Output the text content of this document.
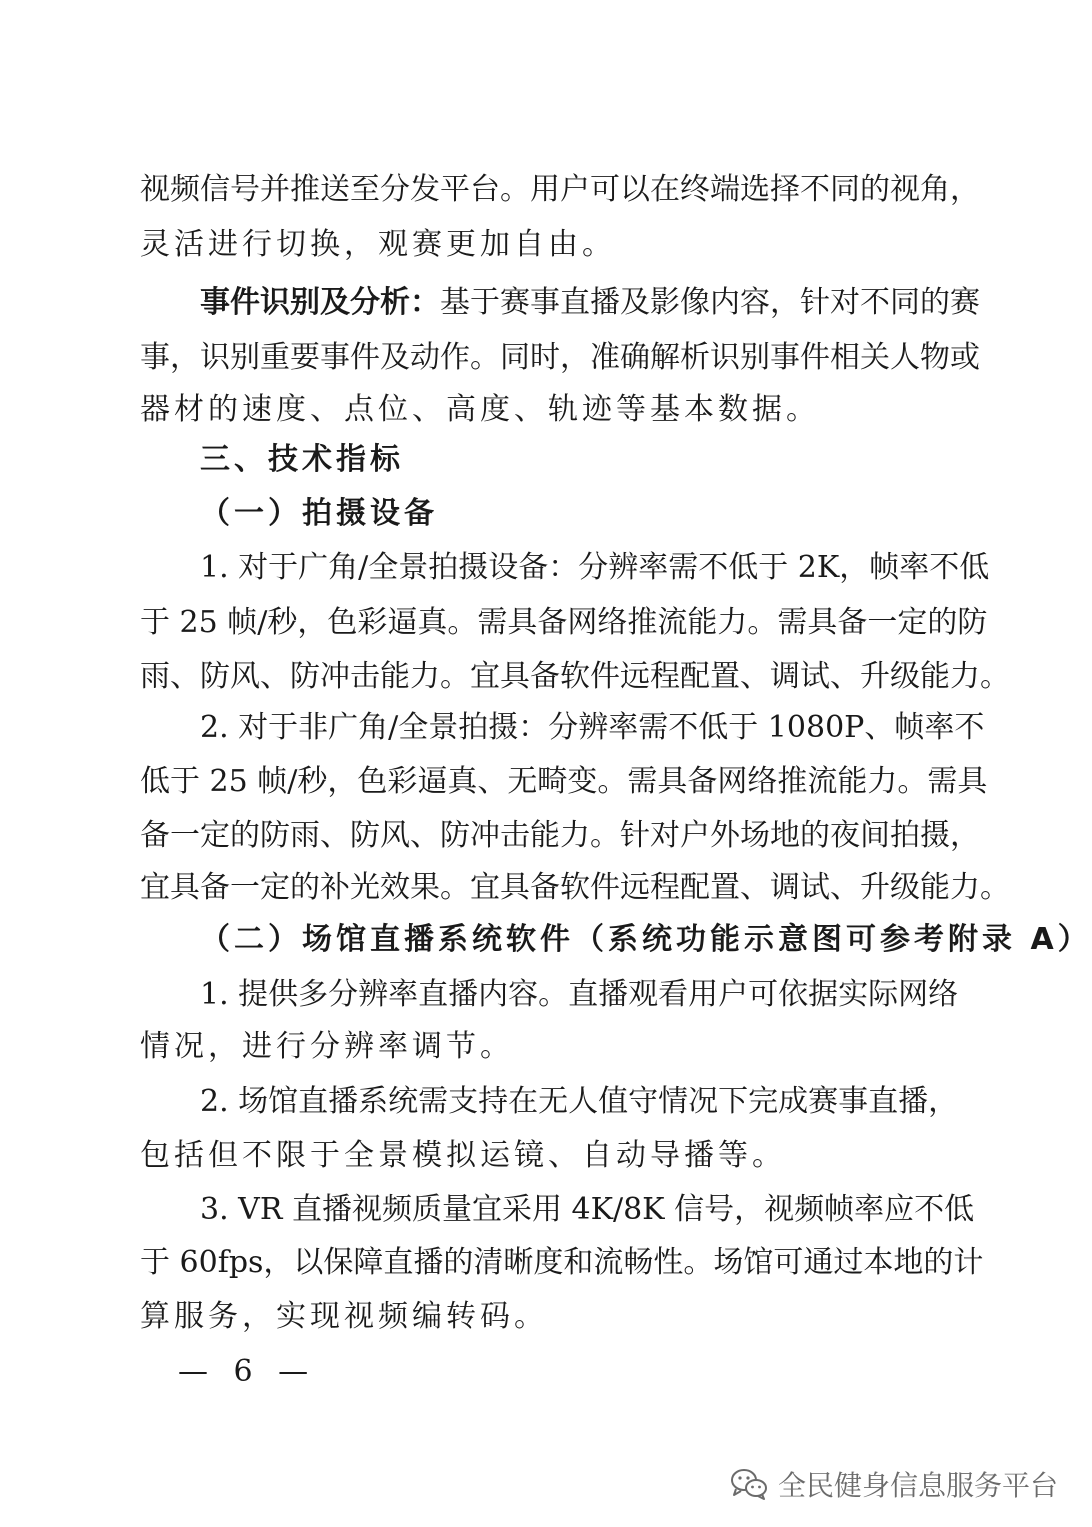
视频信号并推送至分发平台。用户可以在终端选择不同的视角，
灵活进行切换，观赛更加自由。
事件识别及分析：基于赛事直播及影像内容，针对不同的赛
事，识别重要事件及动作。同时，准确解析识别事件相关人物或
器材的速度、点位、高度、轨迹等基本数据。
三、技术指标
（一）拍摄设备
1. 对于广角/全景拍摄设备：分辨率需不低于 2K，帧率不低
于 25 帧/秒，色彩逼真。需具备网络推流能力。需具备一定的防
雨、防风、防冲击能力。宜具备软件远程配置、调试、升级能力。
2. 对于非广角/全景拍摄：分辨率需不低于 1080P、帧率不
低于 25 帧/秒，色彩逼真、无畸变。需具备网络推流能力。需具
备一定的防雨、防风、防冲击能力。针对户外场地的夜间拍摄，
宜具备一定的补光效果。宜具备软件远程配置、调试、升级能力。
（二）场馆直播系统软件（系统功能示意图可参考附录 A）
1. 提供多分辨率直播内容。直播观看用户可依据实际网络
情况，进行分辨率调节。
2. 场馆直播系统需支持在无人值守情况下完成赛事直播，
包括但不限于全景模拟运镜、自动导播等。
3. VR 直播视频质量宜采用 4K/8K 信号，视频帧率应不低
于 60fps，以保障直播的清晰度和流畅性。场馆可通过本地的计
算服务，实现视频编转码。
— 6 —
全民健身信息服务平台
